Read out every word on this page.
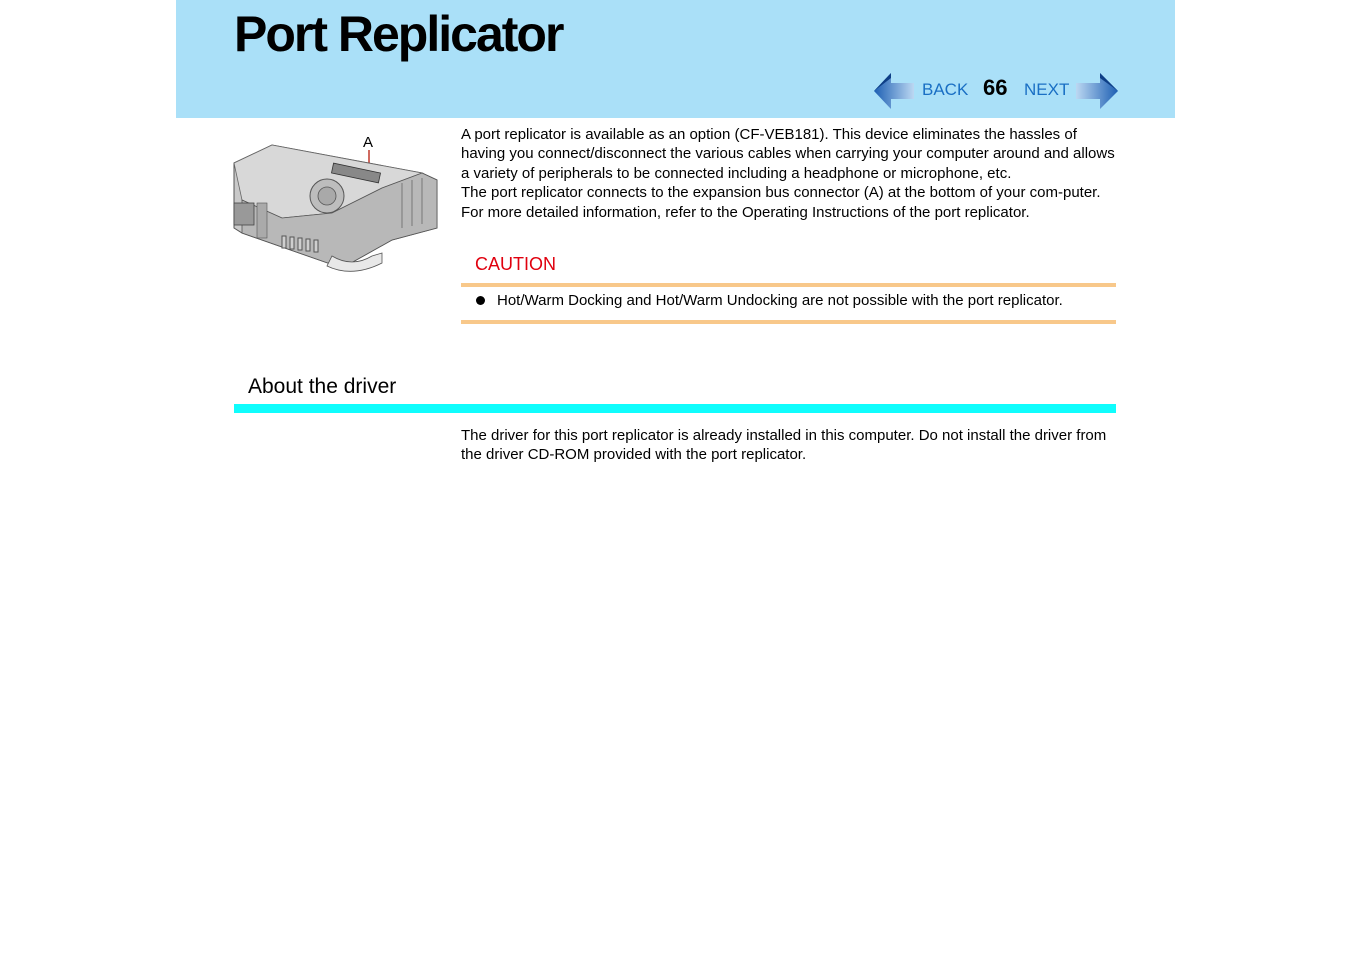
Port Replicator
BACK 66 NEXT
A	A port replicator is available as an option (CF-VEB181). This device eliminates the hassles of having you connect/disconnect the various cables when carrying your computer around and allows a variety of peripherals to be connected including a headphone or microphone, etc.

The port replicator connects to the expansion bus connector (A) at the bottom of your com-puter.

For more detailed information, refer to the Operating Instructions of the port replicator.

CAUTION
Hot/Warm Docking and Hot/Warm Undocking are not possible with the port replicator.
About the driver

The driver for this port replicator is already installed in this computer. Do not install the driver from the driver CD-ROM provided with the port replicator.
